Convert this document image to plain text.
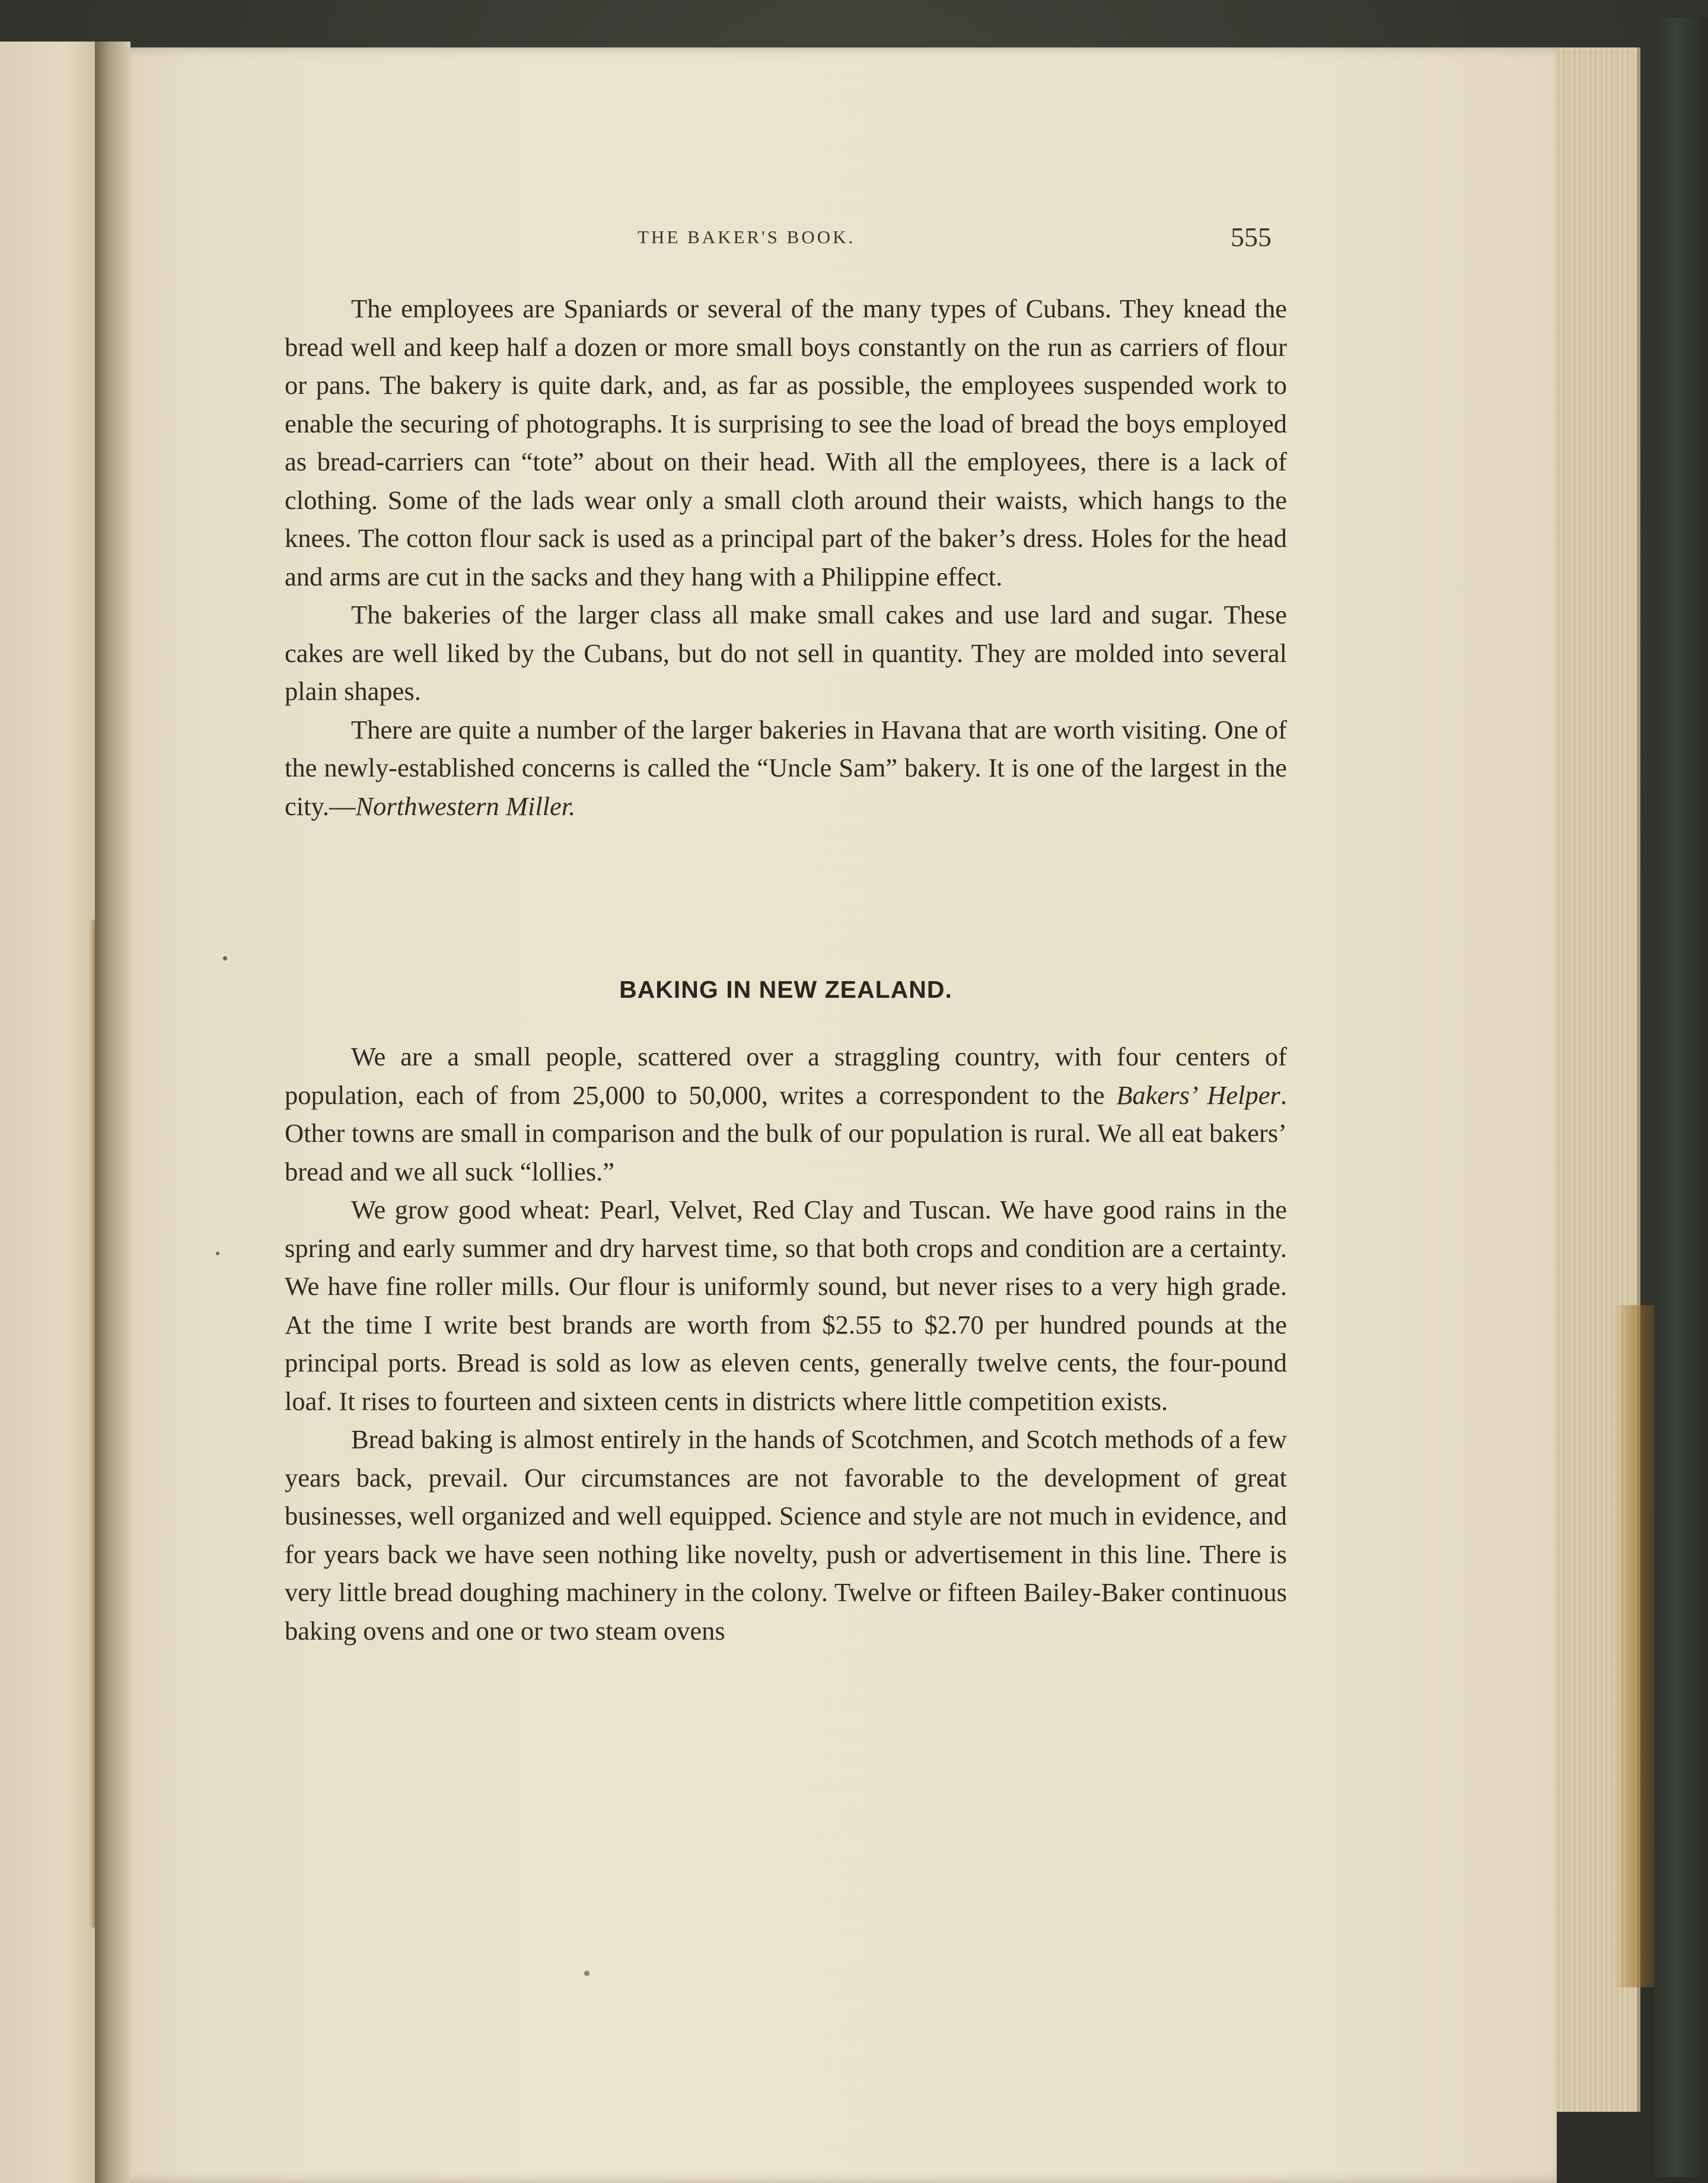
THE BAKER'S BOOK.	555

The employees are Spaniards or several of the many types of Cubans. They knead the bread well and keep half a dozen or more small boys constantly on the run as carriers of flour or pans. The bakery is quite dark, and, as far as possible, the employees suspended work to enable the securing of photographs. It is surprising to see the load of bread the boys employed as bread-carriers can “tote” about on their head. With all the employees, there is a lack of clothing. Some of the lads wear only a small cloth around their waists, which hangs to the knees. The cotton flour sack is used as a principal part of the baker’s dress. Holes for the head and arms are cut in the sacks and they hang with a Philippine effect.

The bakeries of the larger class all make small cakes and use lard and sugar. These cakes are well liked by the Cubans, but do not sell in quantity. They are molded into several plain shapes.

There are quite a number of the larger bakeries in Havana that are worth visiting. One of the newly-established concerns is called the “Uncle Sam” bakery. It is one of the largest in the city.—Northwestern Miller.

BAKING IN NEW ZEALAND.

We are a small people, scattered over a straggling country, with four centers of population, each of from 25,000 to 50,000, writes a correspondent to the Bakers’ Helper. Other towns are small in comparison and the bulk of our population is rural. We all eat bakers’ bread and we all suck “lollies.”

We grow good wheat: Pearl, Velvet, Red Clay and Tuscan. We have good rains in the spring and early summer and dry harvest time, so that both crops and condition are a certainty. We have fine roller mills. Our flour is uniformly sound, but never rises to a very high grade. At the time I write best brands are worth from $2.55 to $2.70 per hundred pounds at the principal ports. Bread is sold as low as eleven cents, generally twelve cents, the four-pound loaf. It rises to fourteen and sixteen cents in districts where little competition exists.

Bread baking is almost entirely in the hands of Scotchmen, and Scotch methods of a few years back, prevail. Our circumstances are not favorable to the development of great businesses, well organized and well equipped. Science and style are not much in evidence, and for years back we have seen nothing like novelty, push or advertisement in this line. There is very little bread doughing machinery in the colony. Twelve or fifteen Bailey-Baker continuous baking ovens and one or two steam ovens
